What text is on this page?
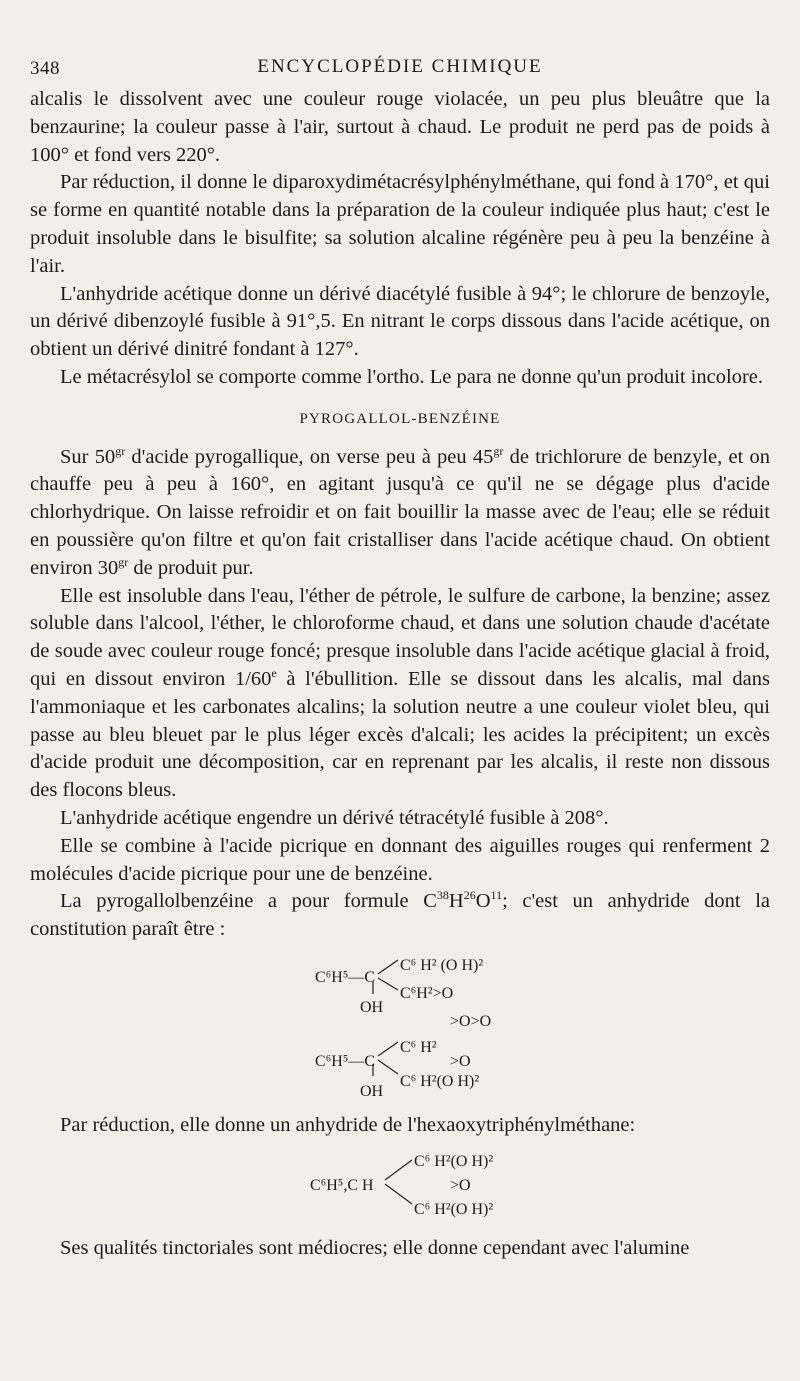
348	ENCYCLOPÉDIE CHIMIQUE

alcalis le dissolvent avec une couleur rouge violacée, un peu plus bleuâtre que la benzaurine; la couleur passe à l'air, surtout à chaud. Le produit ne perd pas de poids à 100° et fond vers 220°.

Par réduction, il donne le diparoxydimétacrésylphénylméthane, qui fond à 170°, et qui se forme en quantité notable dans la préparation de la couleur indiquée plus haut; c'est le produit insoluble dans le bisulfite; sa solution alcaline régénère peu à peu la benzéine à l'air.

L'anhydride acétique donne un dérivé diacétylé fusible à 94°; le chlorure de benzoyle, un dérivé dibenzoylé fusible à 91°,5. En nitrant le corps dissous dans l'acide acétique, on obtient un dérivé dinitré fondant à 127°.

Le métacrésylol se comporte comme l'ortho. Le para ne donne qu'un produit incolore.

PYROGALLOL-BENZÉINE

Sur $50^{gr}$ d'acide pyrogallique, on verse peu à peu $45^{gr}$ de trichlorure de benzyle, et on chauffe peu à peu à 160°, en agitant jusqu'à ce qu'il ne se dégage plus d'acide chlorhydrique. On laisse refroidir et on fait bouillir la masse avec de l'eau; elle se réduit en poussière qu'on filtre et qu'on fait cristalliser dans l'acide acétique chaud. On obtient environ $30^{gr}$ de produit pur.

Elle est insoluble dans l'eau, l'éther de pétrole, le sulfure de carbone, la benzine; assez soluble dans l'alcool, l'éther, le chloroforme chaud, et dans une solution chaude d'acétate de soude avec couleur rouge foncé; presque insoluble dans l'acide acétique glacial à froid, qui en dissout environ 1/60e à l'ébullition. Elle se dissout dans les alcalis, mal dans l'ammoniaque et les carbonates alcalins; la solution neutre a une couleur violet bleu, qui passe au bleu bleuet par le plus léger excès d'alcali; les acides la précipitent; un excès d'acide produit une décomposition, car en reprenant par les alcalis, il reste non dissous des flocons bleus.

L'anhydride acétique engendre un dérivé tétracétylé fusible à 208°.

Elle se combine à l'acide picrique en donnant des aiguilles rouges qui renferment 2 molécules d'acide picrique pour une de benzéine.

La pyrogallolbenzéine a pour formule $C^{38}H^{26}O^{11}$; c'est un anhydride dont la constitution paraît être :

C⁶H⁵—C
C⁶ H² (O H)²
C⁶H²>O
OH
>O>O
C⁶ H²
C⁶H⁵—C	>O
C⁶ H²(O H)²
OH

Par réduction, elle donne un anhydride de l'hexaoxytriphénylméthane:

C⁶H⁵,C H
C⁶ H²(O H)²
>O
C⁶ H²(O H)²

Ses qualités tinctoriales sont médiocres; elle donne cependant avec l'alumine
